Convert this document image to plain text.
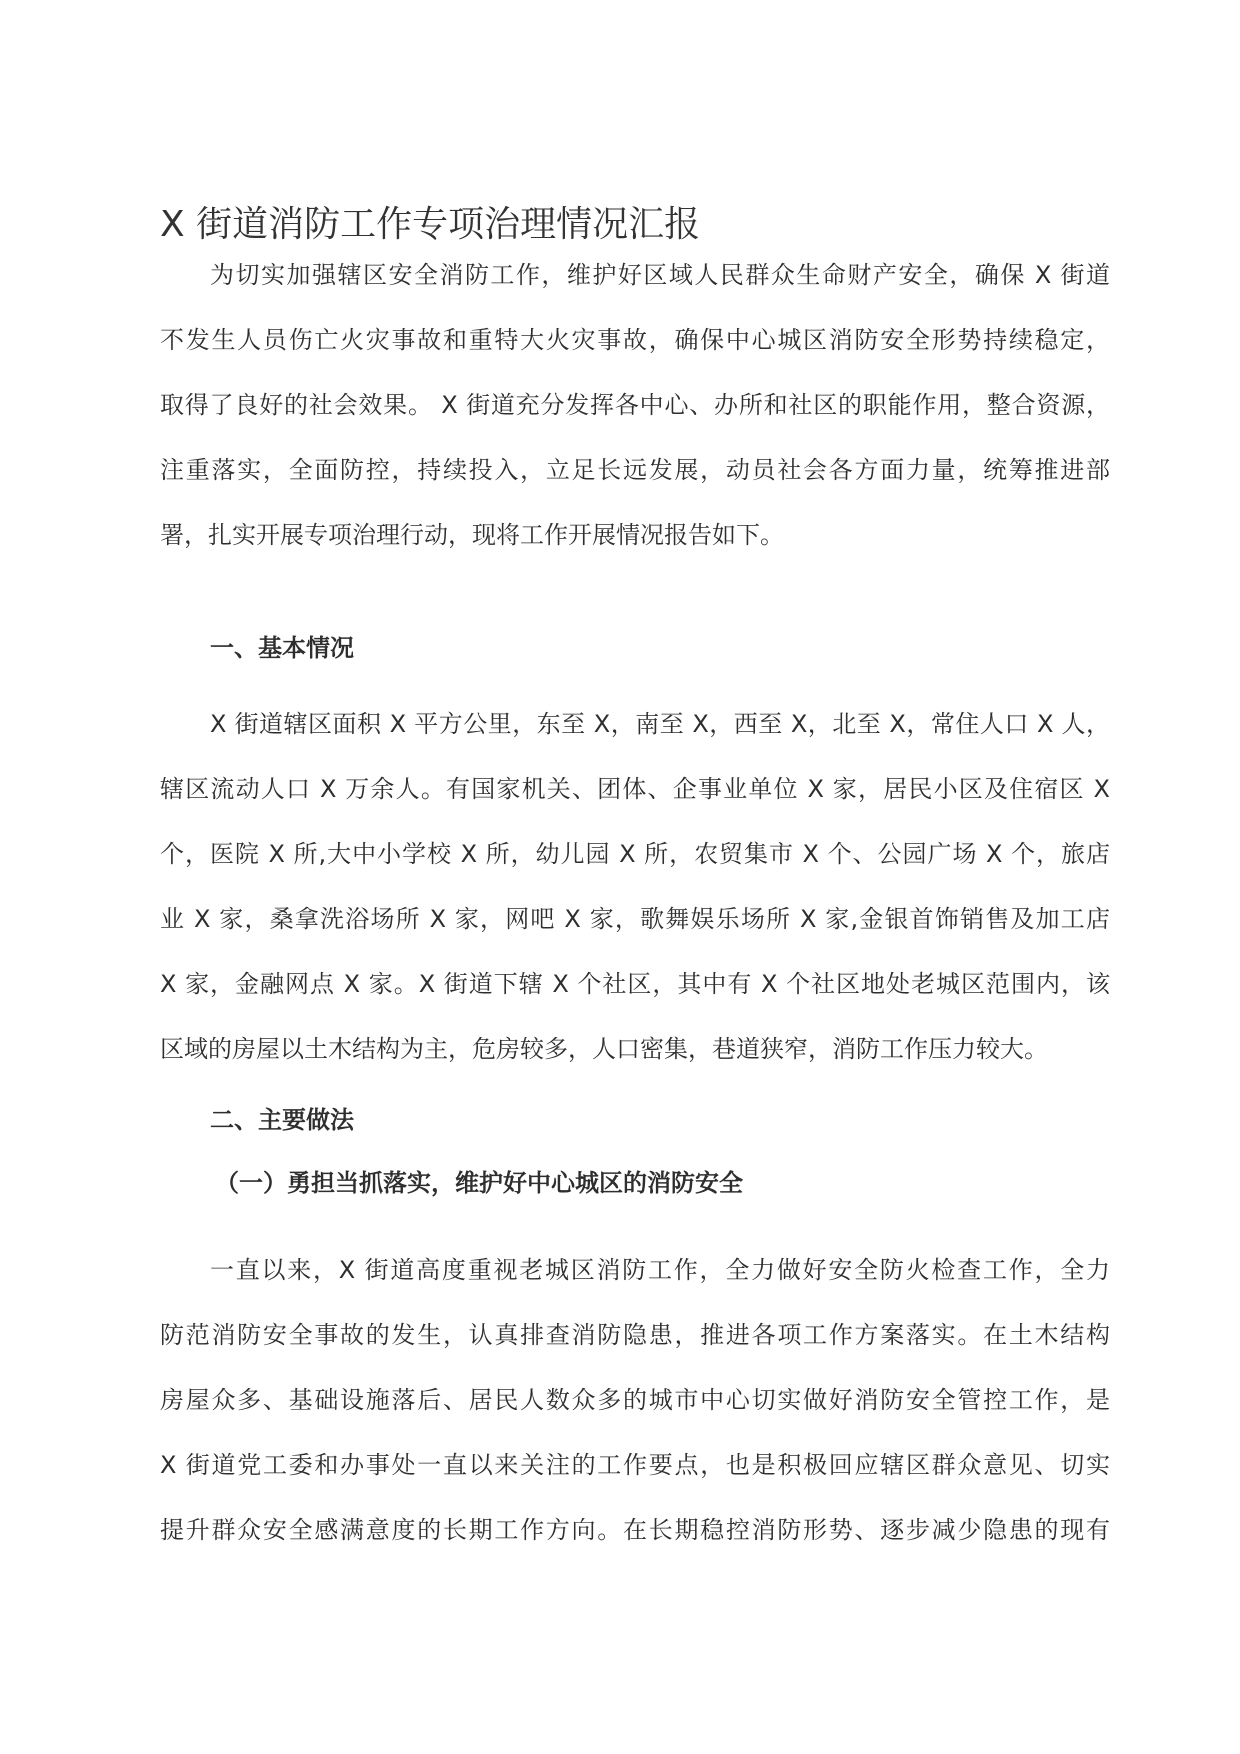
X 街道消防工作专项治理情况汇报
为切实加强辖区安全消防工作，维护好区域人民群众生命财产安全，确保 X 街道
不发生人员伤亡火灾事故和重特大火灾事故，确保中心城区消防安全形势持续稳定，
取得了良好的社会效果。 X 街道充分发挥各中心、办所和社区的职能作用，整合资源，
注重落实，全面防控，持续投入，立足长远发展，动员社会各方面力量，统筹推进部
署，扎实开展专项治理行动，现将工作开展情况报告如下。
一、基本情况
X 街道辖区面积 X 平方公里，东至 X，南至 X，西至 X，北至 X，常住人口 X 人，
辖区流动人口 X 万余人。有国家机关、团体、企事业单位 X 家，居民小区及住宿区 X
个，医院 X 所,大中小学校 X 所，幼儿园 X 所，农贸集市 X 个、公园广场 X 个，旅店
业 X 家，桑拿洗浴场所 X 家，网吧 X 家，歌舞娱乐场所 X 家,金银首饰销售及加工店
X 家，金融网点 X 家。X 街道下辖 X 个社区，其中有 X 个社区地处老城区范围内，该
区域的房屋以土木结构为主，危房较多，人口密集，巷道狭窄，消防工作压力较大。
二、主要做法
（一）勇担当抓落实，维护好中心城区的消防安全
一直以来，X 街道高度重视老城区消防工作，全力做好安全防火检查工作，全力
防范消防安全事故的发生，认真排查消防隐患，推进各项工作方案落实。在土木结构
房屋众多、基础设施落后、居民人数众多的城市中心切实做好消防安全管控工作，是
X 街道党工委和办事处一直以来关注的工作要点，也是积极回应辖区群众意见、切实
提升群众安全感满意度的长期工作方向。在长期稳控消防形势、逐步减少隐患的现有
